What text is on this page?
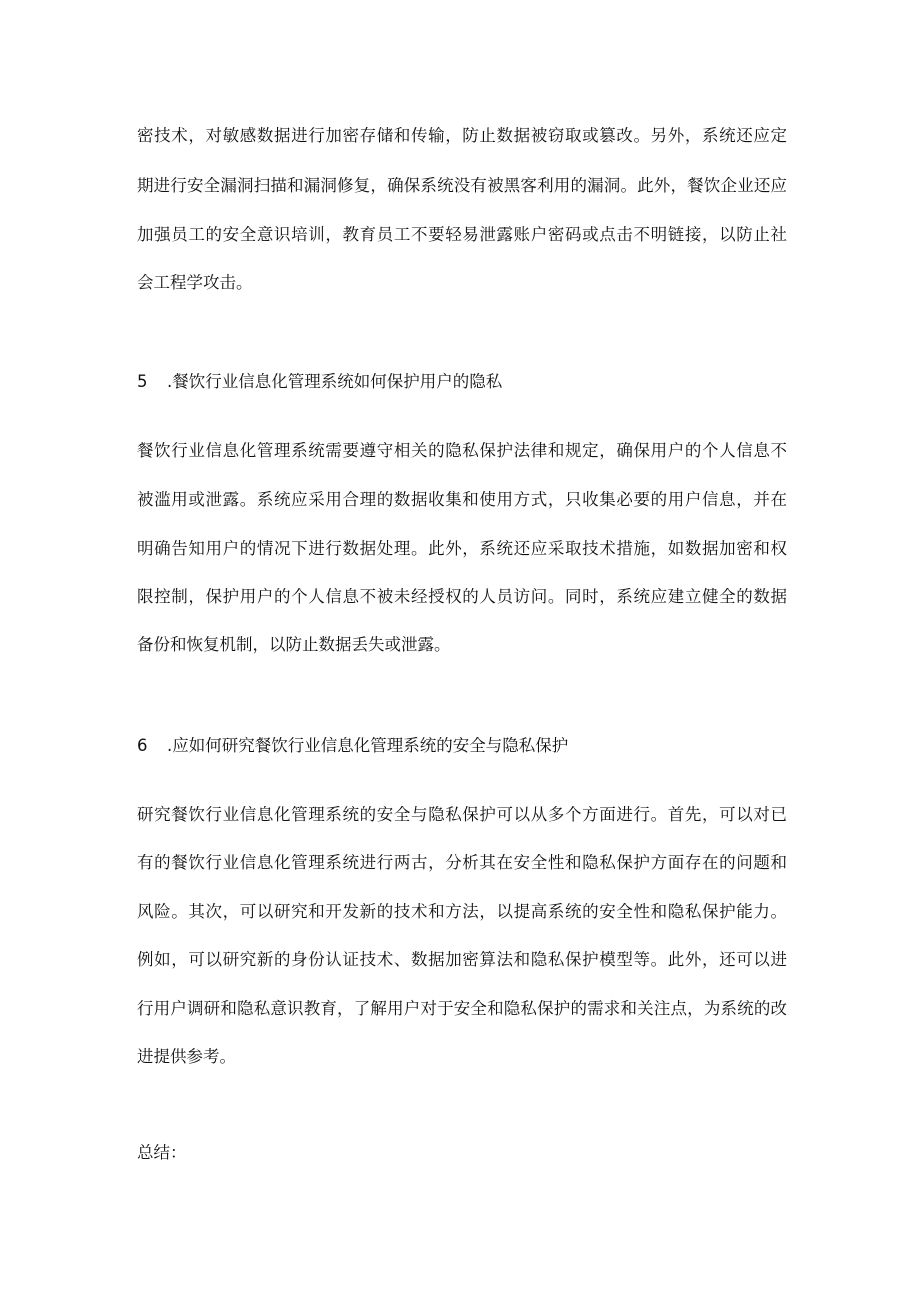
密技术，对敏感数据进行加密存储和传输，防止数据被窃取或篡改。另外，系统还应定
期进行安全漏洞扫描和漏洞修复，确保系统没有被黑客利用的漏洞。此外，餐饮企业还应
加强员工的安全意识培训，教育员工不要轻易泄露账户密码或点击不明链接，以防止社
会工程学攻击。
5 .餐饮行业信息化管理系统如何保护用户的隐私
餐饮行业信息化管理系统需要遵守相关的隐私保护法律和规定，确保用户的个人信息不
被滥用或泄露。系统应采用合理的数据收集和使用方式，只收集必要的用户信息，并在
明确告知用户的情况下进行数据处理。此外，系统还应采取技术措施，如数据加密和权
限控制，保护用户的个人信息不被未经授权的人员访问。同时，系统应建立健全的数据
备份和恢复机制，以防止数据丢失或泄露。
6 .应如何研究餐饮行业信息化管理系统的安全与隐私保护
研究餐饮行业信息化管理系统的安全与隐私保护可以从多个方面进行。首先，可以对已
有的餐饮行业信息化管理系统进行两古，分析其在安全性和隐私保护方面存在的问题和
风险。其次，可以研究和开发新的技术和方法，以提高系统的安全性和隐私保护能力。
例如，可以研究新的身份认证技术、数据加密算法和隐私保护模型等。此外，还可以进
行用户调研和隐私意识教育，了解用户对于安全和隐私保护的需求和关注点，为系统的改
进提供参考。
总结：
